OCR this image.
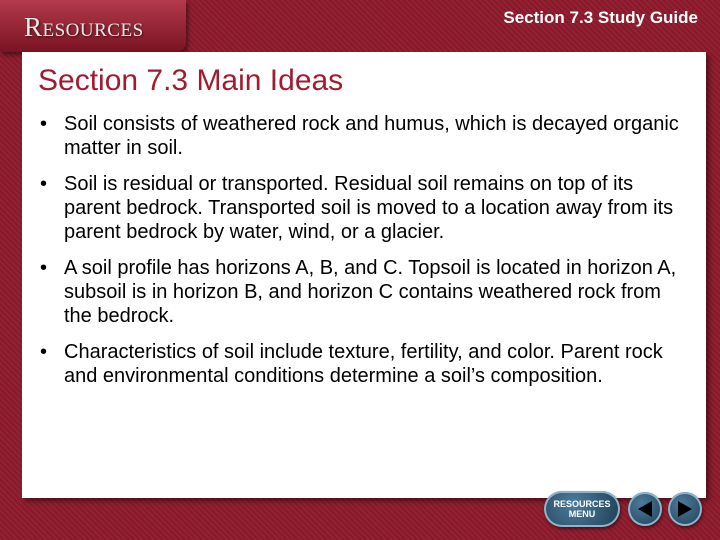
Resources	Section 7.3 Study Guide
Section 7.3 Main Ideas
• Soil consists of weathered rock and humus, which is decayed organic matter in soil.
• Soil is residual or transported. Residual soil remains on top of its parent bedrock. Transported soil is moved to a location away from its parent bedrock by water, wind, or a glacier.
• A soil profile has horizons A, B, and C. Topsoil is located in horizon A, subsoil is in horizon B, and horizon C contains weathered rock from the bedrock.
• Characteristics of soil include texture, fertility, and color. Parent rock and environmental conditions determine a soil’s composition.
RESOURCES
MENU
